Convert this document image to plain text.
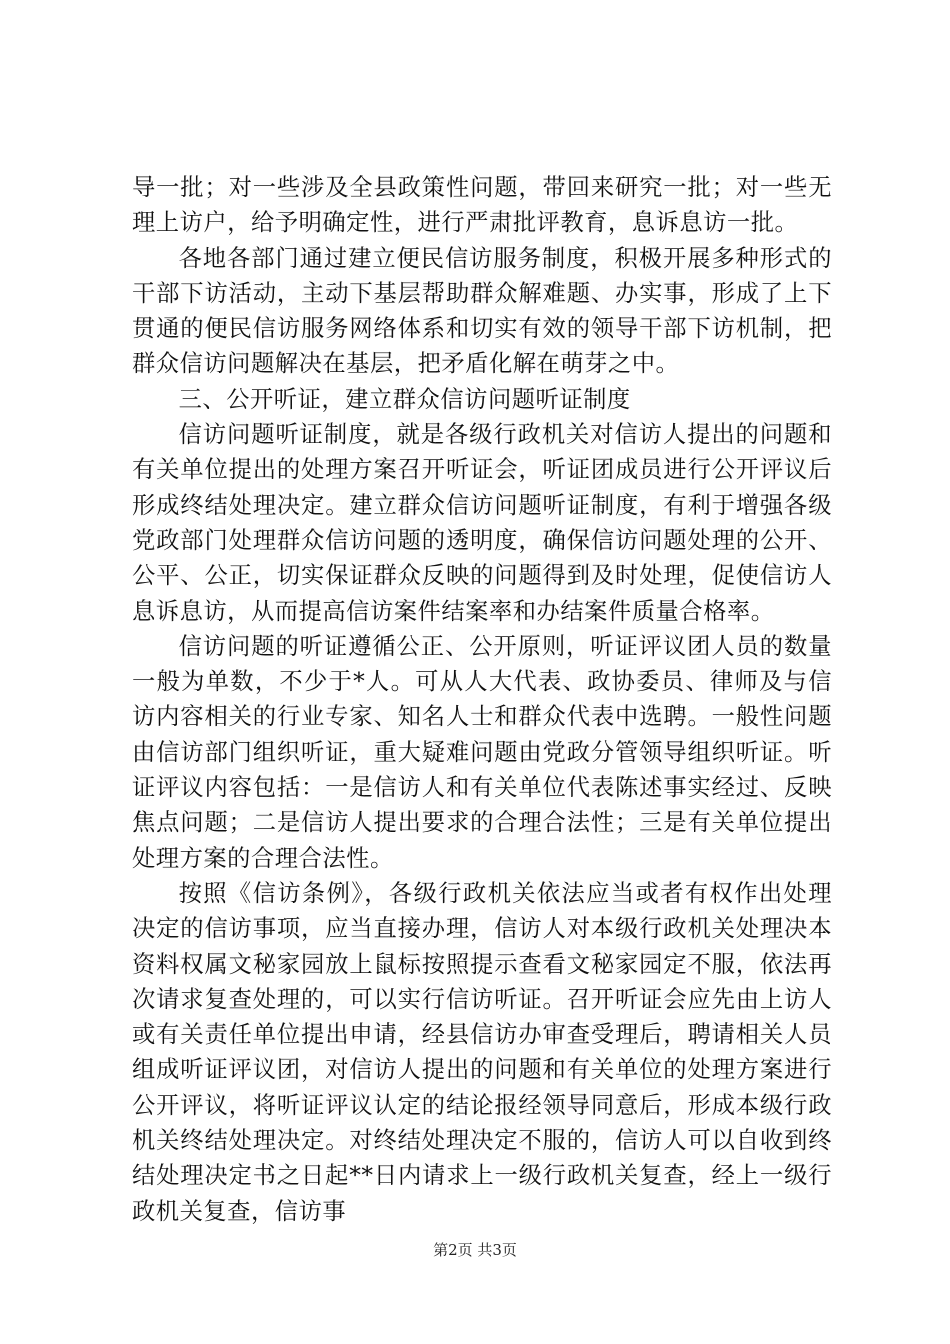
导一批；对一些涉及全县政策性问题，带回来研究一批；对一些无理上访户，给予明确定性，进行严肃批评教育，息诉息访一批。

各地各部门通过建立便民信访服务制度，积极开展多种形式的干部下访活动，主动下基层帮助群众解难题、办实事，形成了上下贯通的便民信访服务网络体系和切实有效的领导干部下访机制，把群众信访问题解决在基层，把矛盾化解在萌芽之中。

三、公开听证，建立群众信访问题听证制度

信访问题听证制度，就是各级行政机关对信访人提出的问题和有关单位提出的处理方案召开听证会，听证团成员进行公开评议后形成终结处理决定。建立群众信访问题听证制度，有利于增强各级党政部门处理群众信访问题的透明度，确保信访问题处理的公开、公平、公正，切实保证群众反映的问题得到及时处理，促使信访人息诉息访，从而提高信访案件结案率和办结案件质量合格率。

信访问题的听证遵循公正、公开原则，听证评议团人员的数量一般为单数，不少于*人。可从人大代表、政协委员、律师及与信访内容相关的行业专家、知名人士和群众代表中选聘。一般性问题由信访部门组织听证，重大疑难问题由党政分管领导组织听证。听证评议内容包括：一是信访人和有关单位代表陈述事实经过、反映焦点问题；二是信访人提出要求的合理合法性；三是有关单位提出处理方案的合理合法性。

按照《信访条例》，各级行政机关依法应当或者有权作出处理决定的信访事项，应当直接办理，信访人对本级行政机关处理决本资料权属文秘家园放上鼠标按照提示查看文秘家园定不服，依法再次请求复查处理的，可以实行信访听证。召开听证会应先由上访人或有关责任单位提出申请，经县信访办审查受理后，聘请相关人员组成听证评议团，对信访人提出的问题和有关单位的处理方案进行公开评议，将听证评议认定的结论报经领导同意后，形成本级行政机关终结处理决定。对终结处理决定不服的，信访人可以自收到终结处理决定书之日起**日内请求上一级行政机关复查，经上一级行政机关复查，信访事

第2页 共3页
